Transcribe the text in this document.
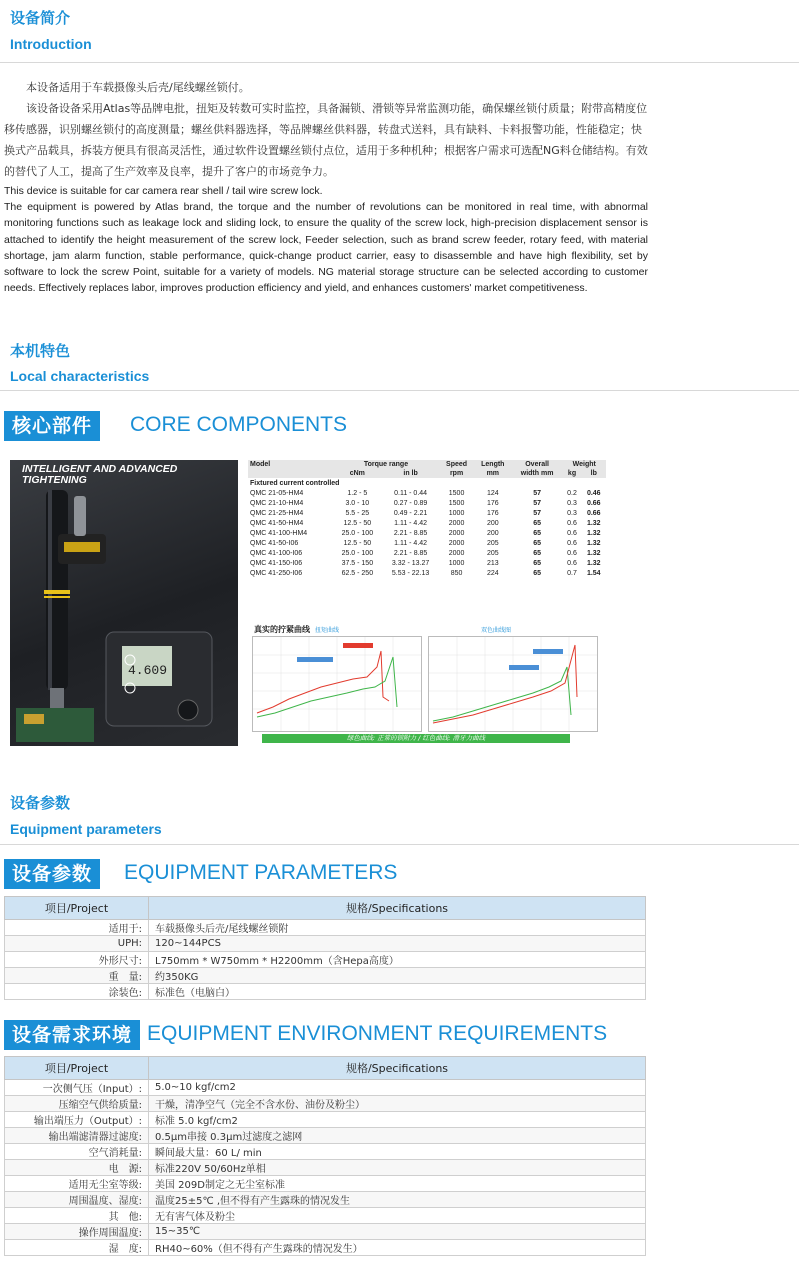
设备简介
Introduction

本设备适用于车载摄像头后壳/尾线螺丝锁付。

该设备设备采用Atlas等品牌电批，扭矩及转数可实时监控，具备漏锁、滑锁等异常监测功能，确保螺丝锁付质量；附带高精度位移传感器，识别螺丝锁付的高度测量；螺丝供料器选择，等品牌螺丝供料器，转盘式送料，具有缺料、卡料报警功能，性能稳定；快换式产品载具，拆装方便具有很高灵活性，通过软件设置螺丝锁付点位，适用于多种机种；根据客户需求可选配NG料仓储结构。有效的替代了人工，提高了生产效率及良率，提升了客户的市场竞争力。

This device is suitable for car camera rear shell / tail wire screw lock.

The equipment is powered by Atlas brand, the torque and the number of revolutions can be monitored in real time, with abnormal monitoring functions such as leakage lock and sliding lock, to ensure the quality of the screw lock, high-precision displacement sensor is attached to identify the height measurement of the screw lock, Feeder selection, such as brand screw feeder, rotary feed, with material shortage, jam alarm function, stable performance, quick-change product carrier, easy to disassemble and have high flexibility, set by software to lock the screw Point, suitable for a variety of models. NG material storage structure can be selected according to customer needs. Effectively replaces labor, improves production efficiency and yield, and enhances customers' market competitiveness.

本机特色
Local characteristics
核心部件	CORE COMPONENTS
INTELLIGENT AND ADVANCED TIGHTENING
4.609
Model	Torque range		Speed	Length	Overall	Weight	
	cNm	in lb	rpm	mm	width mm	kg	lb
Fixtured current controlled							
QMC 21-05-HM4	1.2 - 5	0.11 - 0.44	1500	124	57	0.2	0.46
QMC 21-10-HM4	3.0 - 10	0.27 - 0.89	1500	176	57	0.3	0.66
QMC 21-25-HM4	5.5 - 25	0.49 - 2.21	1000	176	57	0.3	0.66
QMC 41-50-HM4	12.5 - 50	1.11 - 4.42	2000	200	65	0.6	1.32
QMC 41-100-HM4	25.0 - 100	2.21 - 8.85	2000	200	65	0.6	1.32
QMC 41-50-I06	12.5 - 50	1.11 - 4.42	2000	205	65	0.6	1.32
QMC 41-100-I06	25.0 - 100	2.21 - 8.85	2000	205	65	0.6	1.32
QMC 41-150-I06	37.5 - 150	3.32 - 13.27	1000	213	65	0.6	1.32
QMC 41-250-I06	62.5 - 250	5.53 - 22.13	850	224	65	0.7	1.54
真实的拧紧曲线 扭矩曲线	双色曲线图
绿色曲线: 正常的锁附力 / 红色曲线: 滑牙力曲线
设备参数
Equipment parameters
设备参数	EQUIPMENT PARAMETERS
项目/Project	规格/Specifications
适用于:	车载摄像头后壳/尾线螺丝锁附
UPH:	120~144PCS
外形尺寸:	L750mm * W750mm * H2200mm（含Hepa高度）
重　量:	约350KG
涂装色:	标准色（电脑白）
设备需求环境 EQUIPMENT ENVIRONMENT REQUIREMENTS
项目/Project	规格/Specifications
一次侧气压（Input）:	5.0~10 kgf/cm2
压缩空气供给质量:	干燥，清净空气（完全不含水份、油份及粉尘）
输出端压力（Output）:	标准 5.0 kgf/cm2
输出端滤清器过滤度:	0.5μm串接 0.3μm过滤度之滤网
空气消耗量:	瞬间最大量：60 L/ min
电　源:	标准220V 50/60Hz单相
适用无尘室等级:	美国 209D制定之无尘室标准
周围温度、湿度:	温度25±5℃ ,但不得有产生露珠的情况发生
其　他:	无有害气体及粉尘
操作周围温度:	15~35℃
湿　度:	RH40~60%（但不得有产生露珠的情况发生）
